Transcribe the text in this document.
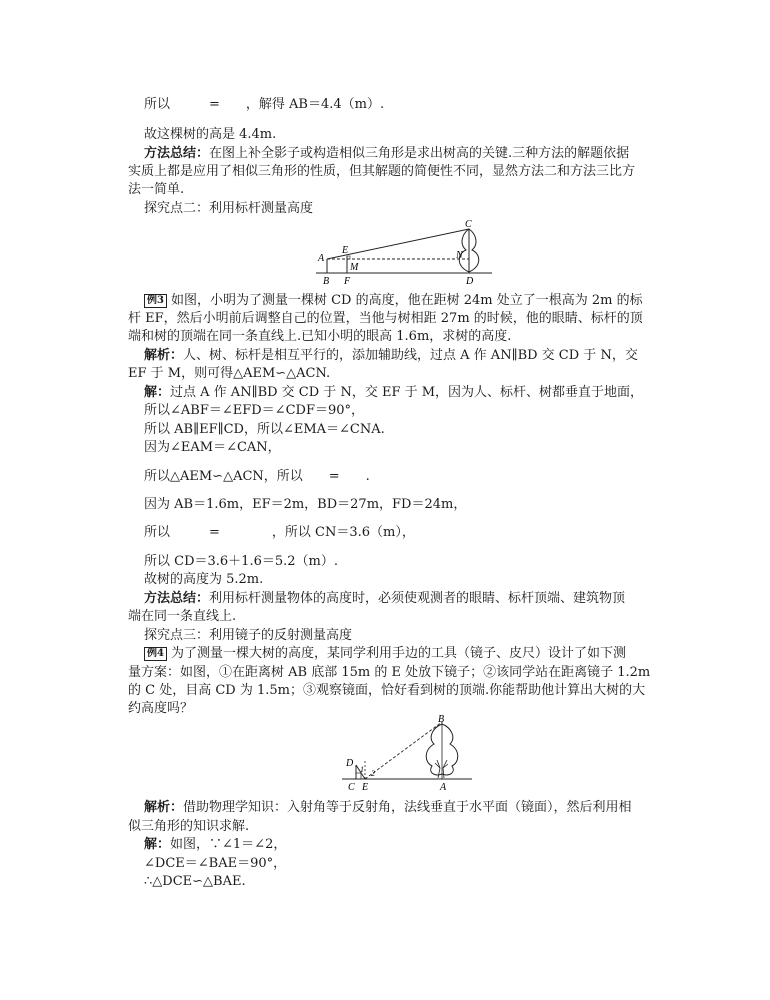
所以　　　=　　，解得 AB＝4.4（m）.
故这棵树的高是 4.4m.
方法总结：在图上补全影子或构造相似三角形是求出树高的关键.三种方法的解题依据
实质上都是应用了相似三角形的性质，但其解题的简便性不同，显然方法二和方法三比方
法一简单.
探究点二：利用标杆测量高度
C
A
E	N
M
B F	D
例3 如图，小明为了测量一棵树 CD 的高度，他在距树 24m 处立了一根高为 2m 的标
杆 EF，然后小明前后调整自己的位置，当他与树相距 27m 的时候，他的眼睛、标杆的顶
端和树的顶端在同一条直线上.已知小明的眼高 1.6m，求树的高度.
解析：人、树、标杆是相互平行的，添加辅助线，过点 A 作 AN∥BD 交 CD 于 N，交
EF 于 M，则可得△AEM∽△ACN.
解：过点 A 作 AN∥BD 交 CD 于 N，交 EF 于 M，因为人、标杆、树都垂直于地面，
所以∠ABF＝∠EFD＝∠CDF＝90°，
所以 AB∥EF∥CD，所以∠EMA＝∠CNA.
因为∠EAM＝∠CAN，
所以△AEM∽△ACN，所以　　=　　.
因为 AB＝1.6m，EF＝2m，BD＝27m，FD＝24m，
所以　　　=　　　　，所以 CN＝3.6（m），
所以 CD＝3.6＋1.6＝5.2（m）.
故树的高度为 5.2m.
方法总结：利用标杆测量物体的高度时，必须使观测者的眼睛、标杆顶端、建筑物顶
端在同一条直线上.
探究点三：利用镜子的反射测量高度
例4 为了测量一棵大树的高度，某同学利用手边的工具（镜子、皮尺）设计了如下测
量方案：如图，①在距离树 AB 底部 15m 的 E 处放下镜子；②该同学站在距离镜子 1.2m
的 C 处，目高 CD 为 1.5m；③观察镜面，恰好看到树的顶端.你能帮助他计算出大树的大
约高度吗？
B
D
1 2
C E	A
解析：借助物理学知识：入射角等于反射角，法线垂直于水平面（镜面），然后利用相
似三角形的知识求解.
解：如图，∵∠1＝∠2，
∠DCE＝∠BAE＝90°，
∴△DCE∽△BAE.
